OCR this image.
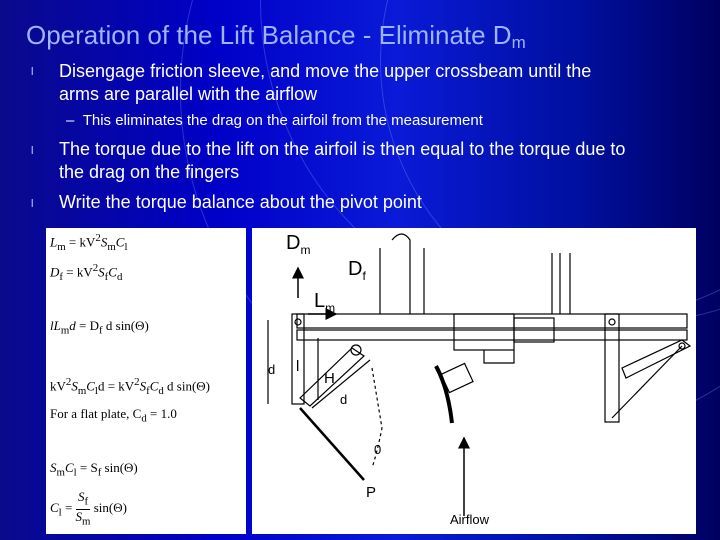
Operation of the Lift Balance - Eliminate $D_m$
l Disengage friction sleeve, and move the upper crossbeam until the
arms are parallel with the airflow
– This eliminates the drag on the airfoil from the measurement
l The torque due to the lift on the airfoil is then equal to the torque due to
the drag on the fingers
l Write the torque balance about the pivot point
$L_m = kV^2S_mC_l$
$D_f = kV^2S_fC_d$
$lL_md = D_f$ d sin(Θ)
$kV^2S_mC_ld = kV^2S_fC_d$ d sin(Θ)
For a flat plate, $C_d = 1.0$
$S_mC_l = S_f$ sin(Θ)
$C_l = \frac{S_f}{S_m} \sin(\Theta)$
$D_m$
$D_f$
$L_m$
d l
H
d
0
P
Airflow
